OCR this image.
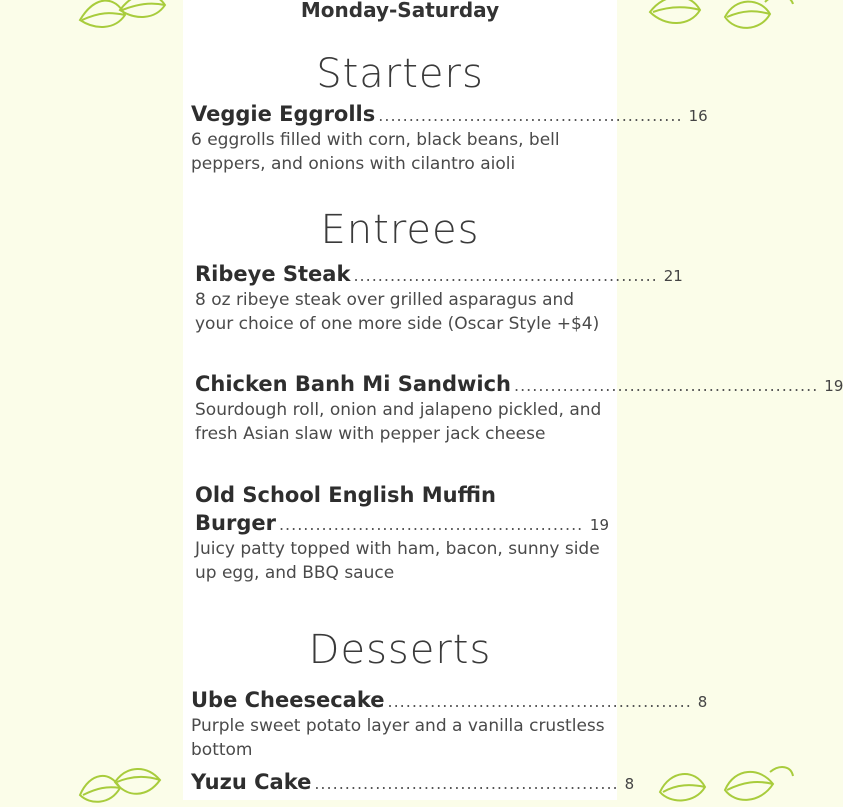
Monday-Saturday
Starters
Veggie Eggrolls .................................................. 16
6 eggrolls filled with corn, black beans, bell peppers, and onions with cilantro aioli
Entrees
Ribeye Steak .................................................. 21
8 oz ribeye steak over grilled asparagus and your choice of one more side (Oscar Style +$4)
Chicken Banh Mi Sandwich .................................................. 19
Sourdough roll, onion and jalapeno pickled, and fresh Asian slaw with pepper jack cheese
Old School English Muffin
Burger .................................................. 19
Juicy patty topped with ham, bacon, sunny side up egg, and BBQ sauce
Desserts
Ube Cheesecake .................................................. 8
Purple sweet potato layer and a vanilla crustless bottom
Yuzu Cake .................................................. 8
